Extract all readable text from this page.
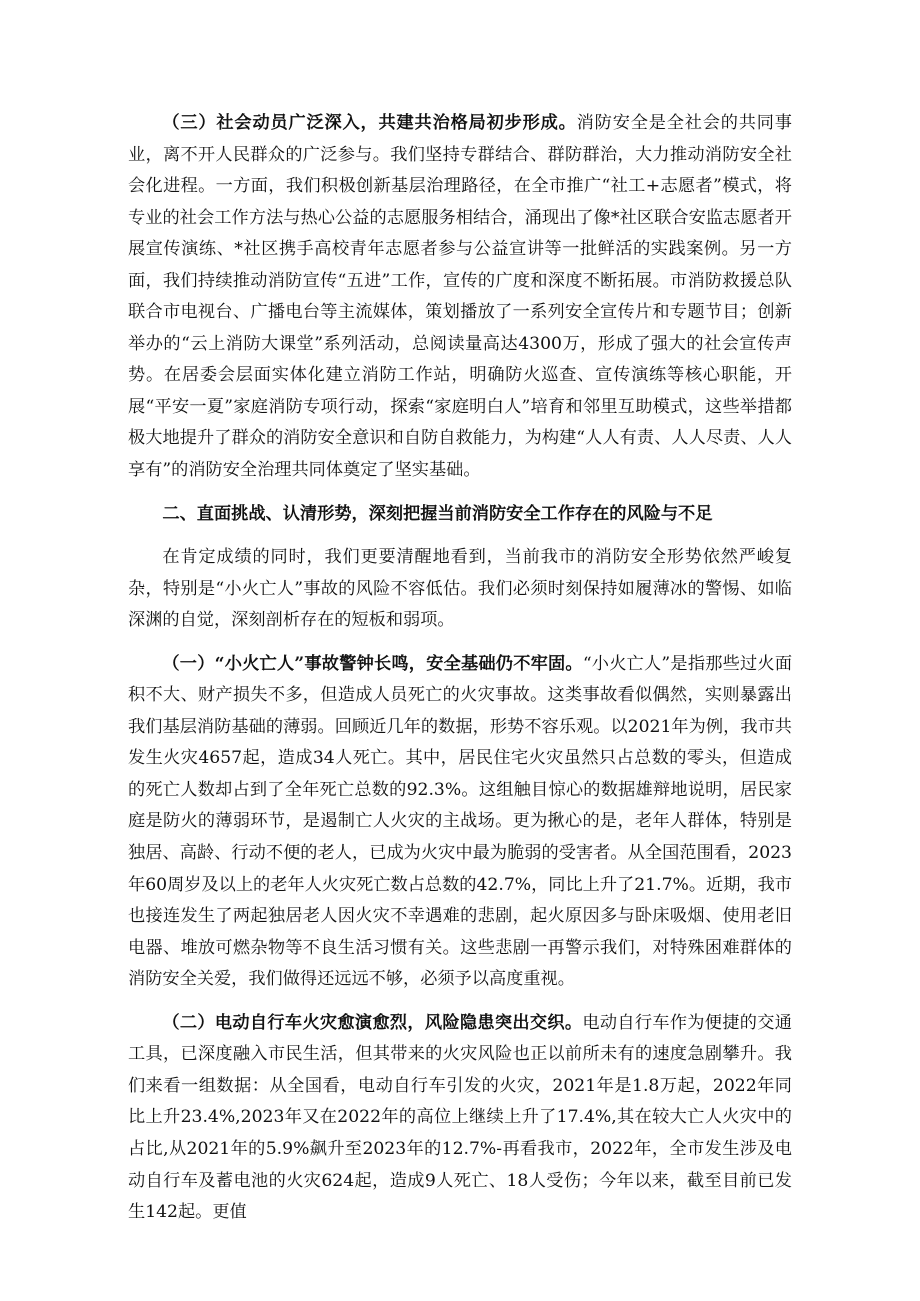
（三）社会动员广泛深入，共建共治格局初步形成。消防安全是全社会的共同事业，离不开人民群众的广泛参与。我们坚持专群结合、群防群治，大力推动消防安全社会化进程。一方面，我们积极创新基层治理路径，在全市推广“社工+志愿者”模式，将专业的社会工作方法与热心公益的志愿服务相结合，涌现出了像*社区联合安监志愿者开展宣传演练、*社区携手高校青年志愿者参与公益宣讲等一批鲜活的实践案例。另一方面，我们持续推动消防宣传“五进”工作，宣传的广度和深度不断拓展。市消防救援总队联合市电视台、广播电台等主流媒体，策划播放了一系列安全宣传片和专题节目；创新举办的“云上消防大课堂”系列活动，总阅读量高达4300万，形成了强大的社会宣传声势。在居委会层面实体化建立消防工作站，明确防火巡查、宣传演练等核心职能，开展“平安一夏”家庭消防专项行动，探索“家庭明白人”培育和邻里互助模式，这些举措都极大地提升了群众的消防安全意识和自防自救能力，为构建“人人有责、人人尽责、人人享有”的消防安全治理共同体奠定了坚实基础。

二、直面挑战、认清形势，深刻把握当前消防安全工作存在的风险与不足

在肯定成绩的同时，我们更要清醒地看到，当前我市的消防安全形势依然严峻复杂，特别是“小火亡人”事故的风险不容低估。我们必须时刻保持如履薄冰的警惕、如临深渊的自觉，深刻剖析存在的短板和弱项。

（一）“小火亡人”事故警钟长鸣，安全基础仍不牢固。“小火亡人”是指那些过火面积不大、财产损失不多，但造成人员死亡的火灾事故。这类事故看似偶然，实则暴露出我们基层消防基础的薄弱。回顾近几年的数据，形势不容乐观。以2021年为例，我市共发生火灾4657起，造成34人死亡。其中，居民住宅火灾虽然只占总数的零头，但造成的死亡人数却占到了全年死亡总数的92.3%。这组触目惊心的数据雄辩地说明，居民家庭是防火的薄弱环节，是遏制亡人火灾的主战场。更为揪心的是，老年人群体，特别是独居、高龄、行动不便的老人，已成为火灾中最为脆弱的受害者。从全国范围看，2023年60周岁及以上的老年人火灾死亡数占总数的42.7%，同比上升了21.7%。近期，我市也接连发生了两起独居老人因火灾不幸遇难的悲剧，起火原因多与卧床吸烟、使用老旧电器、堆放可燃杂物等不良生活习惯有关。这些悲剧一再警示我们，对特殊困难群体的消防安全关爱，我们做得还远远不够，必须予以高度重视。

（二）电动自行车火灾愈演愈烈，风险隐患突出交织。电动自行车作为便捷的交通工具，已深度融入市民生活，但其带来的火灾风险也正以前所未有的速度急剧攀升。我们来看一组数据：从全国看，电动自行车引发的火灾，2021年是1.8万起，2022年同比上升23.4%,2023年又在2022年的高位上继续上升了17.4%,其在较大亡人火灾中的占比,从2021年的5.9%飙升至2023年的12.7%-再看我市，2022年，全市发生涉及电动自行车及蓄电池的火灾624起，造成9人死亡、18人受伤；今年以来，截至目前已发生142起。更值
